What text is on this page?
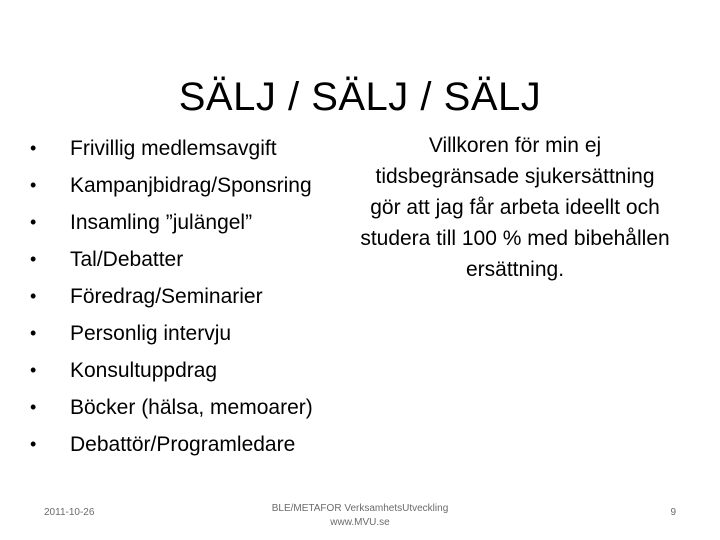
SÄLJ / SÄLJ / SÄLJ
•	Frivillig medlemsavgift
•	Kampanjbidrag/Sponsring
•	Insamling ”julängel”
•	Tal/Debatter
•	Föredrag/Seminarier
•	Personlig intervju
•	Konsultuppdrag
•	Böcker (hälsa, memoarer)
•	Debattör/Programledare
Villkoren för min ej tidsbegränsade sjukersättning gör att jag får arbeta ideellt och studera till 100 % med bibehållen ersättning.
2011-10-26	BLE/METAFOR VerksamhetsUtveckling
www.MVU.se
9
